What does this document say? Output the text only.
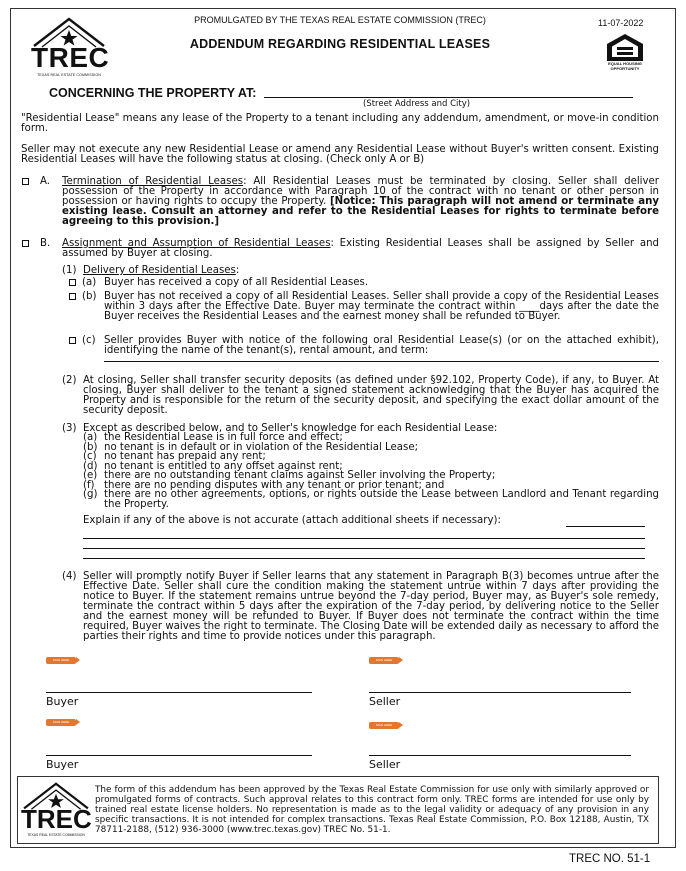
TREC
TEXAS REAL ESTATE COMMISSION
PROMULGATED BY THE TEXAS REAL ESTATE COMMISSION (TREC)	11-07-2022
ADDENDUM REGARDING RESIDENTIAL LEASES
EQUAL HOUSING OPPORTUNITY
CONCERNING THE PROPERTY AT:
(Street Address and City)
"Residential Lease" means any lease of the Property to a tenant including any addendum, amendment, or move-in condition form.
Seller may not execute any new Residential Lease or amend any Residential Lease without Buyer's written consent. Existing Residential Leases will have the following status at closing. (Check only A or B)
A. Termination of Residential Leases: All Residential Leases must be terminated by closing. Seller shall deliver possession of the Property in accordance with Paragraph 10 of the contract with no tenant or other person in possession or having rights to occupy the Property. [Notice: This paragraph will not amend or terminate any existing lease. Consult an attorney and refer to the Residential Leases for rights to terminate before agreeing to this provision.]
B. Assignment and Assumption of Residential Leases: Existing Residential Leases shall be assigned by Seller and assumed by Buyer at closing.
(1) Delivery of Residential Leases:
(a) Buyer has received a copy of all Residential Leases.
(b) Buyer has not received a copy of all Residential Leases. Seller shall provide a copy of the Residential Leases within 3 days after the Effective Date. Buyer may terminate the contract within ____days after the date the Buyer receives the Residential Leases and the earnest money shall be refunded to Buyer.
(c) Seller provides Buyer with notice of the following oral Residential Lease(s) (or on the attached exhibit), identifying the name of the tenant(s), rental amount, and term:
(2) At closing, Seller shall transfer security deposits (as defined under §92.102, Property Code), if any, to Buyer. At closing, Buyer shall deliver to the tenant a signed statement acknowledging that the Buyer has acquired the Property and is responsible for the return of the security deposit, and specifying the exact dollar amount of the security deposit.
(3) Except as described below, and to Seller's knowledge for each Residential Lease:
(a) the Residential Lease is in full force and effect;
(b) no tenant is in default or in violation of the Residential Lease;
(c) no tenant has prepaid any rent;
(d) no tenant is entitled to any offset against rent;
(e) there are no outstanding tenant claims against Seller involving the Property;
(f) there are no pending disputes with any tenant or prior tenant; and
(g) there are no other agreements, options, or rights outside the Lease between Landlord and Tenant regarding the Property.
Explain if any of the above is not accurate (attach additional sheets if necessary):
(4) Seller will promptly notify Buyer if Seller learns that any statement in Paragraph B(3) becomes untrue after the Effective Date. Seller shall cure the condition making the statement untrue within 7 days after providing the notice to Buyer. If the statement remains untrue beyond the 7-day period, Buyer may, as Buyer's sole remedy, terminate the contract within 5 days after the expiration of the 7-day period, by delivering notice to the Seller and the earnest money will be refunded to Buyer. If Buyer does not terminate the contract within the time required, Buyer waives the right to terminate. The Closing Date will be extended daily as necessary to afford the parties their rights and time to provide notices under this paragraph.
SIGN HERE	SIGN HERE
Buyer	Seller
SIGN HERE
SIGN HERE
Buyer	Seller
TREC
TEXAS REAL ESTATE COMMISSION
The form of this addendum has been approved by the Texas Real Estate Commission for use only with similarly approved or promulgated forms of contracts. Such approval relates to this contract form only. TREC forms are intended for use only by trained real estate license holders. No representation is made as to the legal validity or adequacy of any provision in any specific transactions. It is not intended for complex transactions. Texas Real Estate Commission, P.O. Box 12188, Austin, TX 78711-2188, (512) 936-3000 (www.trec.texas.gov) TREC No. 51-1.
TREC NO. 51-1
